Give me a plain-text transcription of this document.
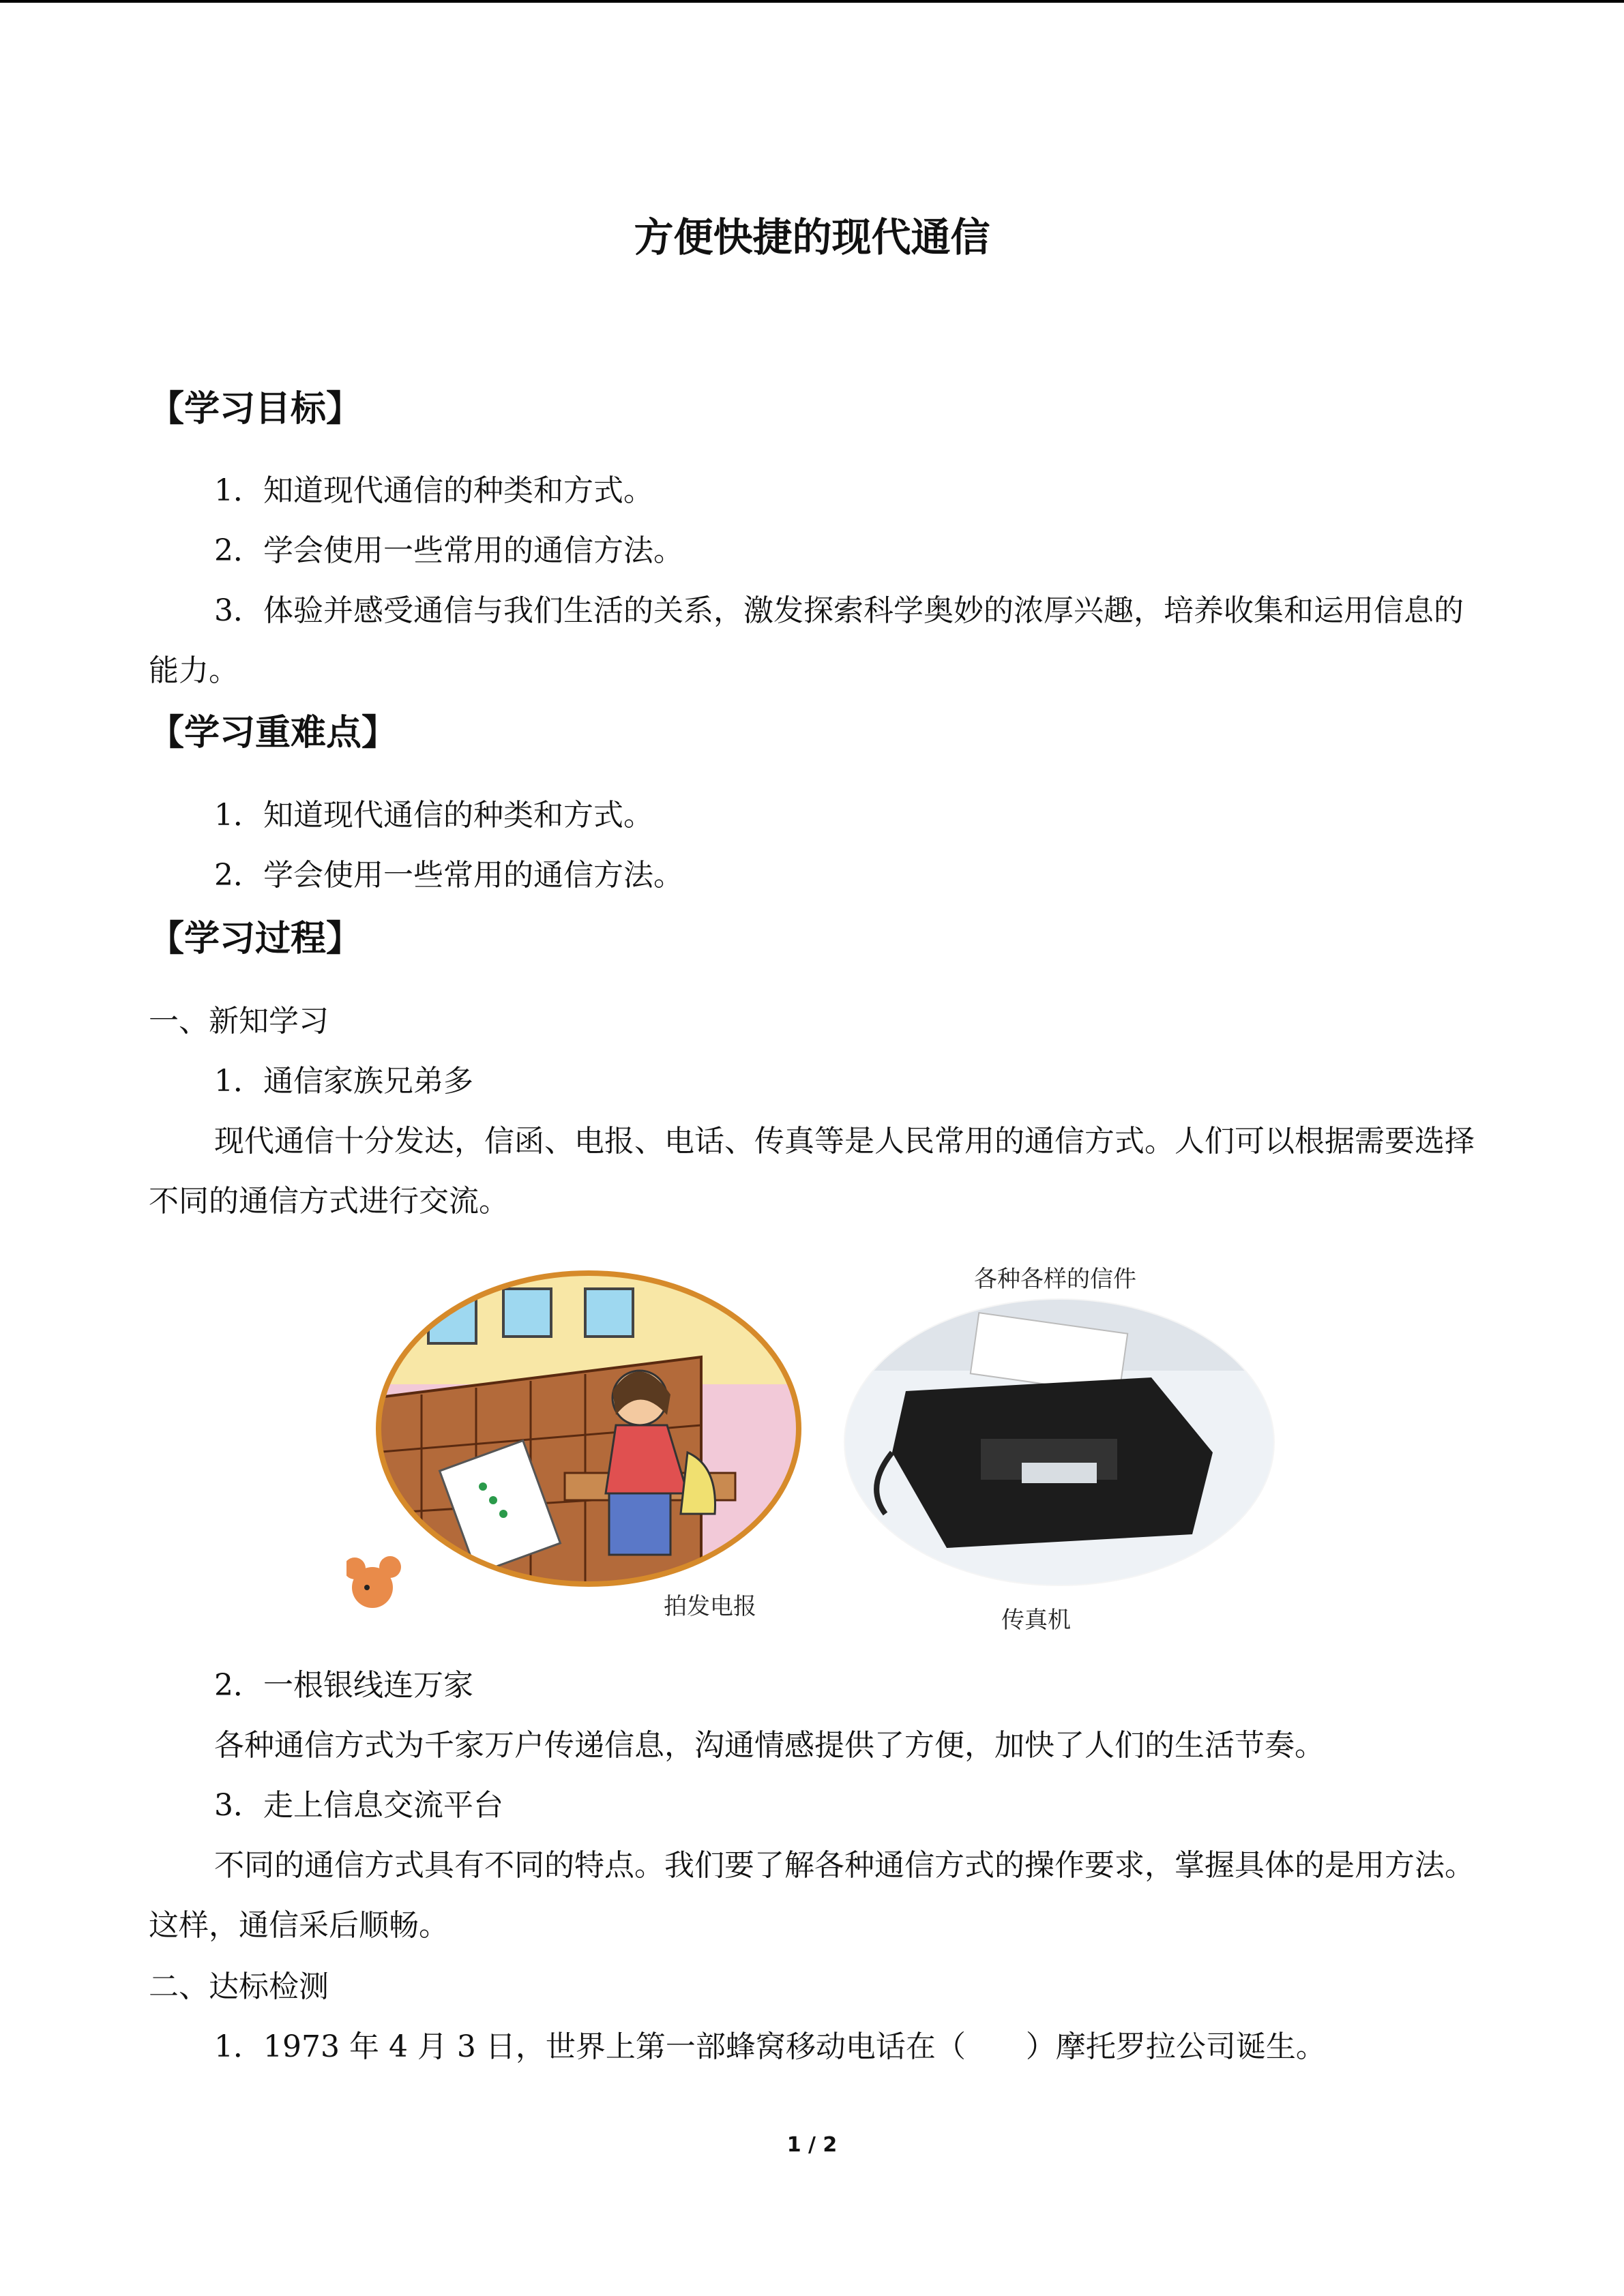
方便快捷的现代通信
【学习目标】
1．知道现代通信的种类和方式。
2．学会使用一些常用的通信方法。
3．体验并感受通信与我们生活的关系，激发探索科学奥妙的浓厚兴趣，培养收集和运用信息的能力。
【学习重难点】
1．知道现代通信的种类和方式。
2．学会使用一些常用的通信方法。
【学习过程】
一、新知学习
1．通信家族兄弟多
现代通信十分发达，信函、电报、电话、传真等是人民常用的通信方式。人们可以根据需要选择不同的通信方式进行交流。
各种各样的信件
拍发电报	传真机
2．一根银线连万家
各种通信方式为千家万户传递信息，沟通情感提供了方便，加快了人们的生活节奏。
3．走上信息交流平台
不同的通信方式具有不同的特点。我们要了解各种通信方式的操作要求，掌握具体的是用方法。这样，通信采后顺畅。
二、达标检测
1．1973 年 4 月 3 日，世界上第一部蜂窝移动电话在（　　）摩托罗拉公司诞生。
1 / 2
